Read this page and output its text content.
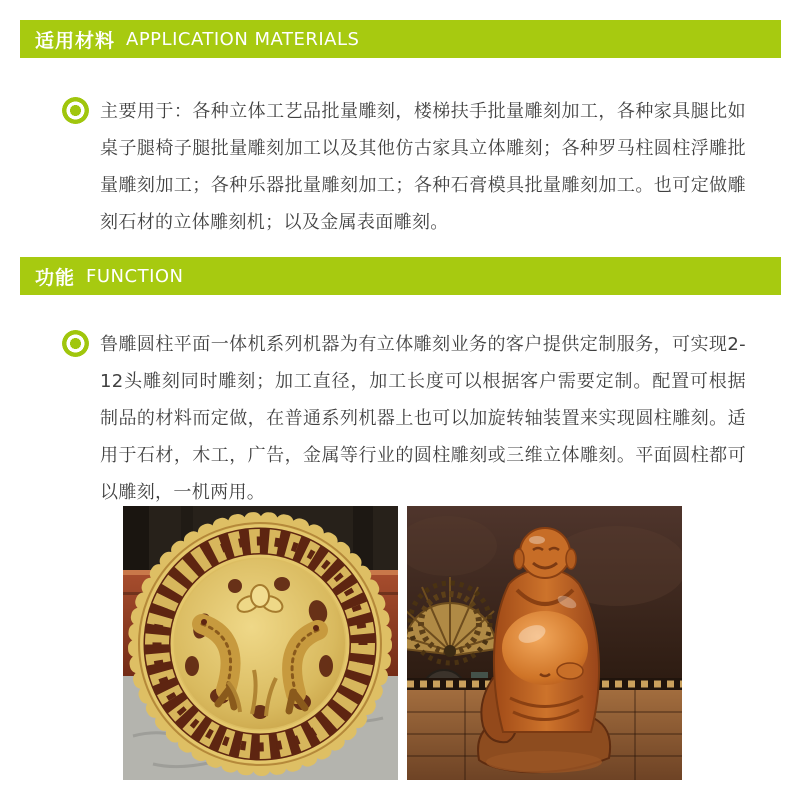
适用材料 APPLICATION MATERIALS

主要用于：各种立体工艺品批量雕刻，楼梯扶手批量雕刻加工，各种家具腿比如桌子腿椅子腿批量雕刻加工以及其他仿古家具立体雕刻；各种罗马柱圆柱浮雕批量雕刻加工；各种乐器批量雕刻加工；各种石膏模具批量雕刻加工。也可定做雕刻石材的立体雕刻机；以及金属表面雕刻。

功能 FUNCTION

鲁雕圆柱平面一体机系列机器为有立体雕刻业务的客户提供定制服务，可实现2-12头雕刻同时雕刻；加工直径，加工长度可以根据客户需要定制。配置可根据制品的材料而定做，在普通系列机器上也可以加旋转轴装置来实现圆柱雕刻。适用于石材，木工，广告，金属等行业的圆柱雕刻或三维立体雕刻。平面圆柱都可以雕刻，一机两用。
